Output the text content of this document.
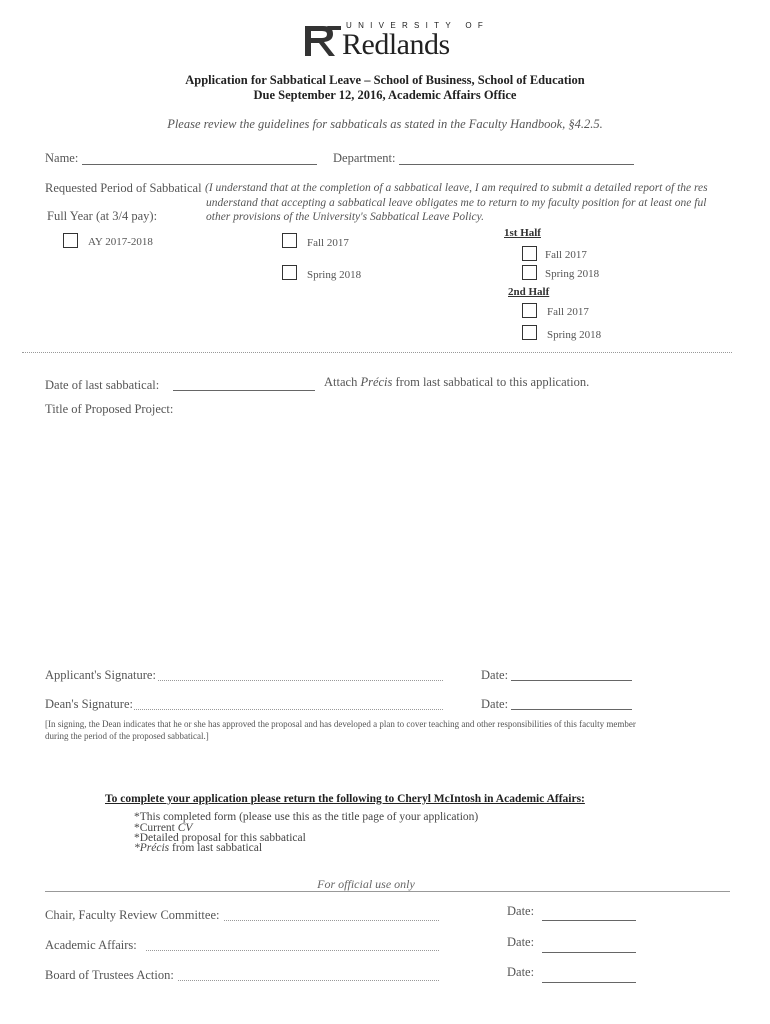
UNIVERSITY OF
Redlands
Application for Sabbatical Leave – School of Business, School of Education
Due September 12, 2016, Academic Affairs Office
Please review the guidelines for sabbaticals as stated in the Faculty Handbook, §4.2.5.
Name:	Department:
Requested Period of Sabbatical (I understand that at the completion of a sabbatical leave, I am required to submit a detailed report of the res
understand that accepting a sabbatical leave obligates me to return to my faculty position for at least one ful
other provisions of the University's Sabbatical Leave Policy.
Full Year (at 3/4 pay):
AY 2017-2018	Fall 2017
Spring 2018
1st Half
Fall 2017
Spring 2018
2nd Half
Fall 2017
Spring 2018
Date of last sabbatical:	Attach Précis from last sabbatical to this application.
Title of Proposed Project:
Applicant's Signature:	Date:
Dean's Signature:	Date:
[In signing, the Dean indicates that he or she has approved the proposal and has developed a plan to cover teaching and other responsibilities of this faculty member
during the period of the proposed sabbatical.]
To complete your application please return the following to Cheryl McIntosh in Academic Affairs:
*This completed form (please use this as the title page of your application)
*Current CV
*Detailed proposal for this sabbatical
*Précis from last sabbatical
For official use only
Chair, Faculty Review Committee:	Date:
Academic Affairs:	Date:
Board of Trustees Action:	Date:
